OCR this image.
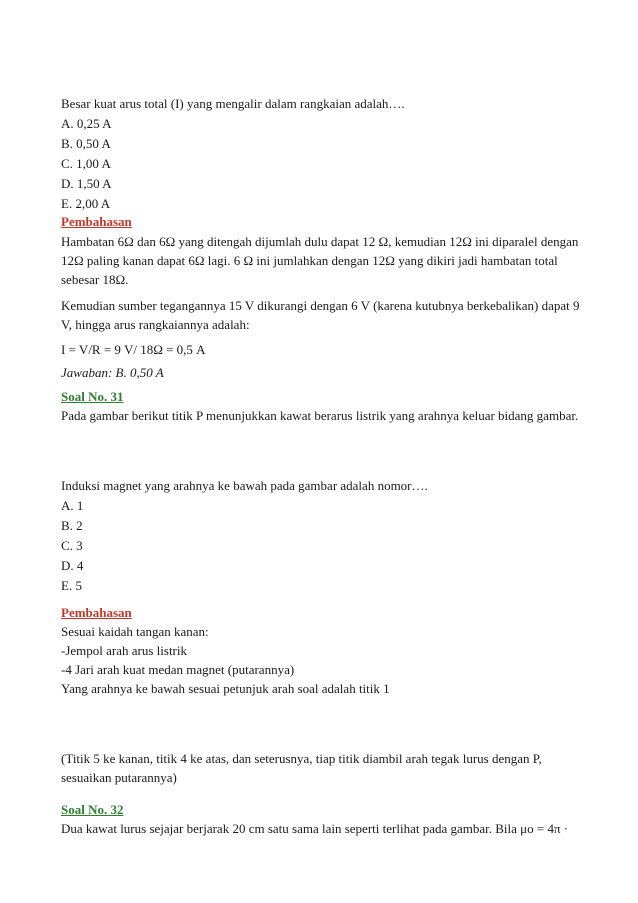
Besar kuat arus total (I) yang mengalir dalam rangkaian adalah….
A. 0,25 A
B. 0,50 A
C. 1,00 A
D. 1,50 A
E. 2,00 A
Pembahasan
Hambatan 6Ω dan 6Ω yang ditengah dijumlah dulu dapat 12 Ω, kemudian 12Ω ini diparalel dengan
12Ω paling kanan dapat 6Ω lagi. 6 Ω ini jumlahkan dengan 12Ω yang dikiri jadi hambatan total
sebesar 18Ω.
Kemudian sumber tegangannya 15 V dikurangi dengan 6 V (karena kutubnya berkebalikan) dapat 9
V, hingga arus rangkaiannya adalah:
I = V/R = 9 V/ 18Ω = 0,5 A
Jawaban: B. 0,50 A
Soal No. 31
Pada gambar berikut titik P menunjukkan kawat berarus listrik yang arahnya keluar bidang gambar.
Induksi magnet yang arahnya ke bawah pada gambar adalah nomor….
A. 1
B. 2
C. 3
D. 4
E. 5
Pembahasan
Sesuai kaidah tangan kanan:
-Jempol arah arus listrik
-4 Jari arah kuat medan magnet (putarannya)
Yang arahnya ke bawah sesuai petunjuk arah soal adalah titik 1
(Titik 5 ke kanan, titik 4 ke atas, dan seterusnya, tiap titik diambil arah tegak lurus dengan P,
sesuaikan putarannya)
Soal No. 32
Dua kawat lurus sejajar berjarak 20 cm satu sama lain seperti terlihat pada gambar. Bila μo = 4π ·
